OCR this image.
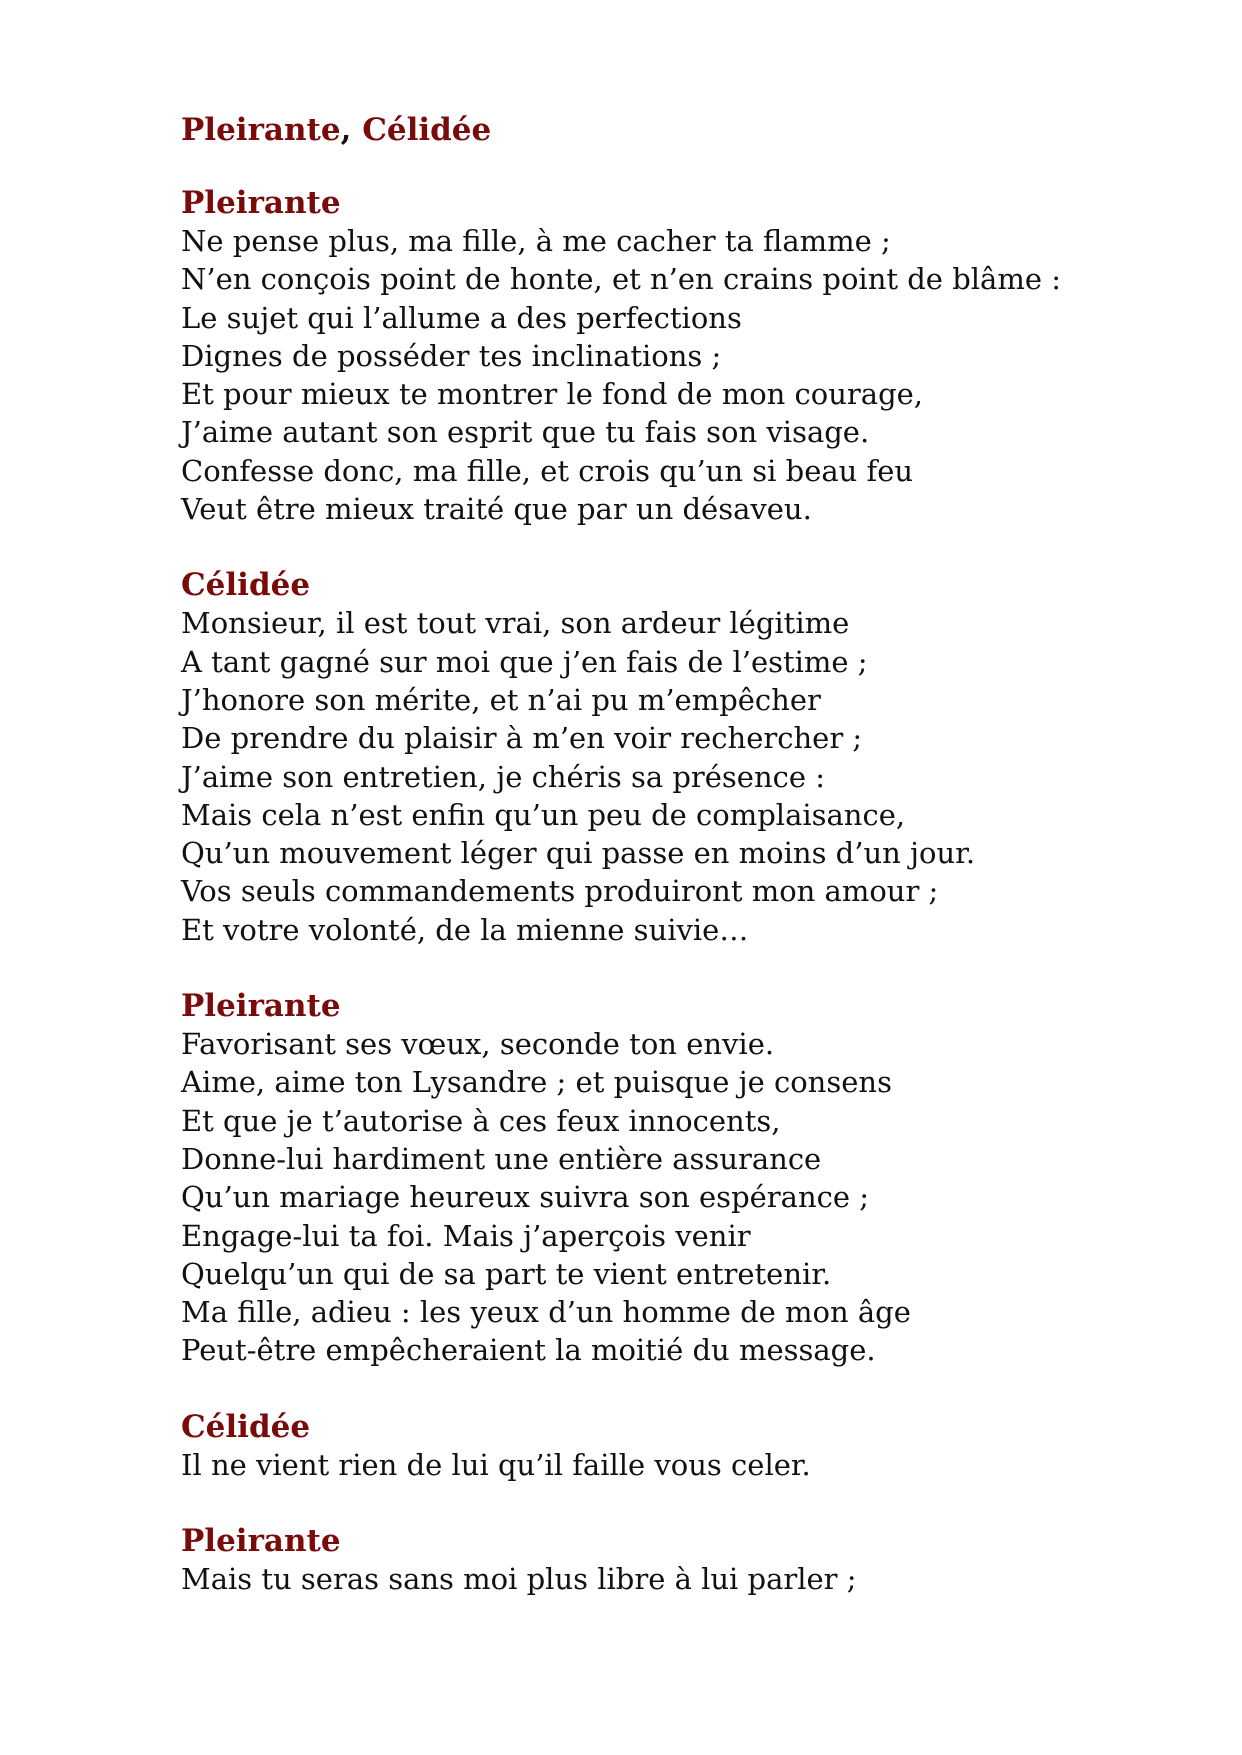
Pleirante, Célidée
Pleirante
Ne pense plus, ma fille, à me cacher ta flamme ;
N’en conçois point de honte, et n’en crains point de blâme :
Le sujet qui l’allume a des perfections
Dignes de posséder tes inclinations ;
Et pour mieux te montrer le fond de mon courage,
J’aime autant son esprit que tu fais son visage.
Confesse donc, ma fille, et crois qu’un si beau feu
Veut être mieux traité que par un désaveu.
Célidée
Monsieur, il est tout vrai, son ardeur légitime
A tant gagné sur moi que j’en fais de l’estime ;
J’honore son mérite, et n’ai pu m’empêcher
De prendre du plaisir à m’en voir rechercher ;
J’aime son entretien, je chéris sa présence :
Mais cela n’est enfin qu’un peu de complaisance,
Qu’un mouvement léger qui passe en moins d’un jour.
Vos seuls commandements produiront mon amour ;
Et votre volonté, de la mienne suivie…
Pleirante
Favorisant ses vœux, seconde ton envie.
Aime, aime ton Lysandre ; et puisque je consens
Et que je t’autorise à ces feux innocents,
Donne-lui hardiment une entière assurance
Qu’un mariage heureux suivra son espérance ;
Engage-lui ta foi. Mais j’aperçois venir
Quelqu’un qui de sa part te vient entretenir.
Ma fille, adieu : les yeux d’un homme de mon âge
Peut-être empêcheraient la moitié du message.
Célidée
Il ne vient rien de lui qu’il faille vous celer.
Pleirante
Mais tu seras sans moi plus libre à lui parler ;
